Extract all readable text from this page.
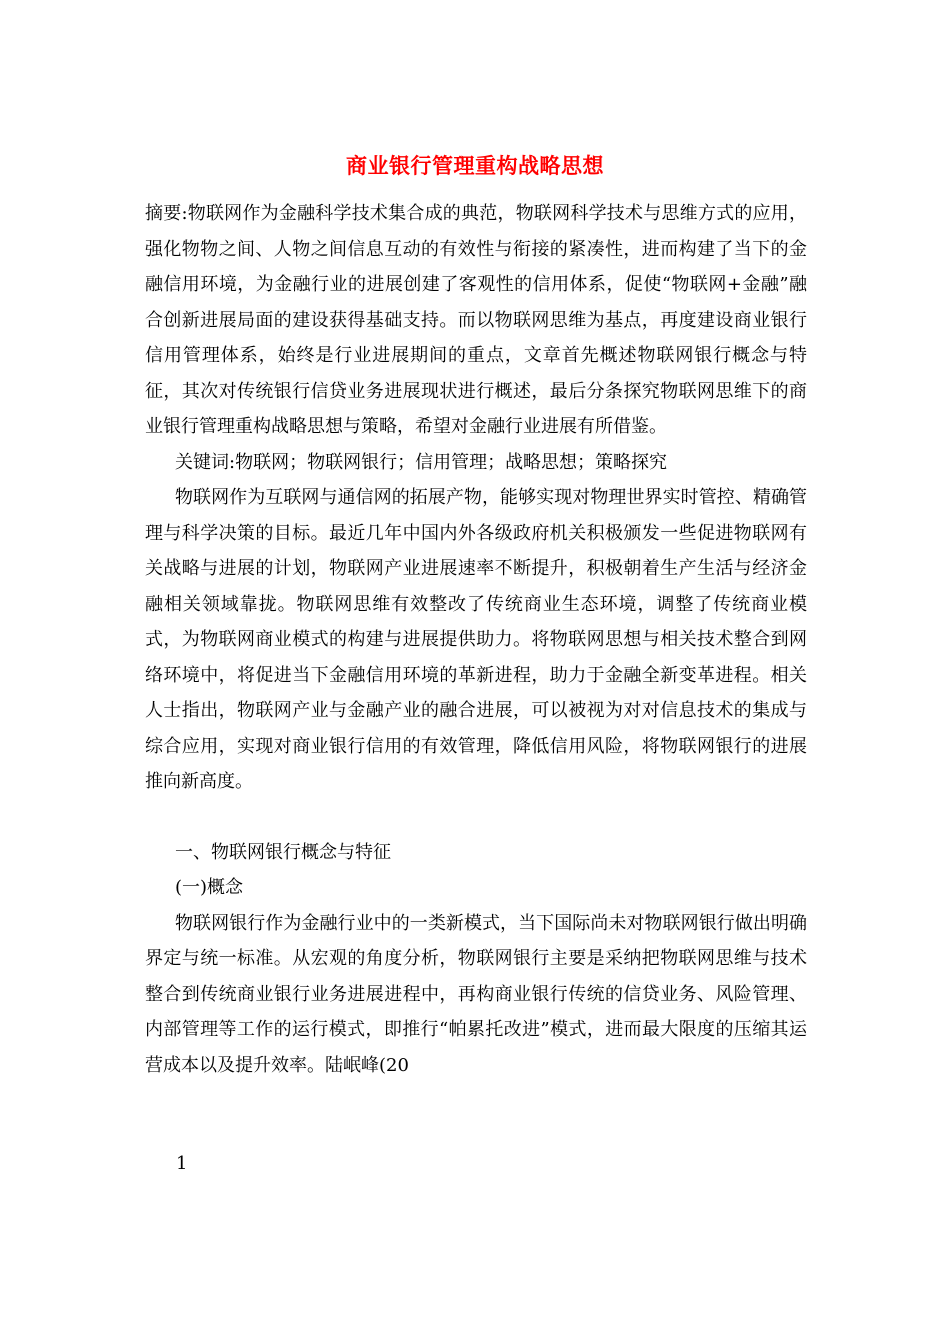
商业银行管理重构战略思想

摘要:物联网作为金融科学技术集合成的典范，物联网科学技术与思维方式的应用，强化物物之间、人物之间信息互动的有效性与衔接的紧凑性，进而构建了当下的金融信用环境，为金融行业的进展创建了客观性的信用体系，促使“物联网+金融”融合创新进展局面的建设获得基础支持。而以物联网思维为基点，再度建设商业银行信用管理体系，始终是行业进展期间的重点，文章首先概述物联网银行概念与特征，其次对传统银行信贷业务进展现状进行概述，最后分条探究物联网思维下的商业银行管理重构战略思想与策略，希望对金融行业进展有所借鉴。

关键词:物联网；物联网银行；信用管理；战略思想；策略探究

物联网作为互联网与通信网的拓展产物，能够实现对物理世界实时管控、精确管理与科学决策的目标。最近几年中国内外各级政府机关积极颁发一些促进物联网有关战略与进展的计划，物联网产业进展速率不断提升，积极朝着生产生活与经济金融相关领域靠拢。物联网思维有效整改了传统商业生态环境，调整了传统商业模式，为物联网商业模式的构建与进展提供助力。将物联网思想与相关技术整合到网络环境中，将促进当下金融信用环境的革新进程，助力于金融全新变革进程。相关人士指出，物联网产业与金融产业的融合进展，可以被视为对对信息技术的集成与综合应用，实现对商业银行信用的有效管理，降低信用风险，将物联网银行的进展推向新高度。

一、物联网银行概念与特征

(一)概念

物联网银行作为金融行业中的一类新模式，当下国际尚未对物联网银行做出明确界定与统一标准。从宏观的角度分析，物联网银行主要是采纳把物联网思维与技术整合到传统商业银行业务进展进程中，再构商业银行传统的信贷业务、风险管理、内部管理等工作的运行模式，即推行“帕累托改进”模式，进而最大限度的压缩其运营成本以及提升效率。陆岷峰(20

1
